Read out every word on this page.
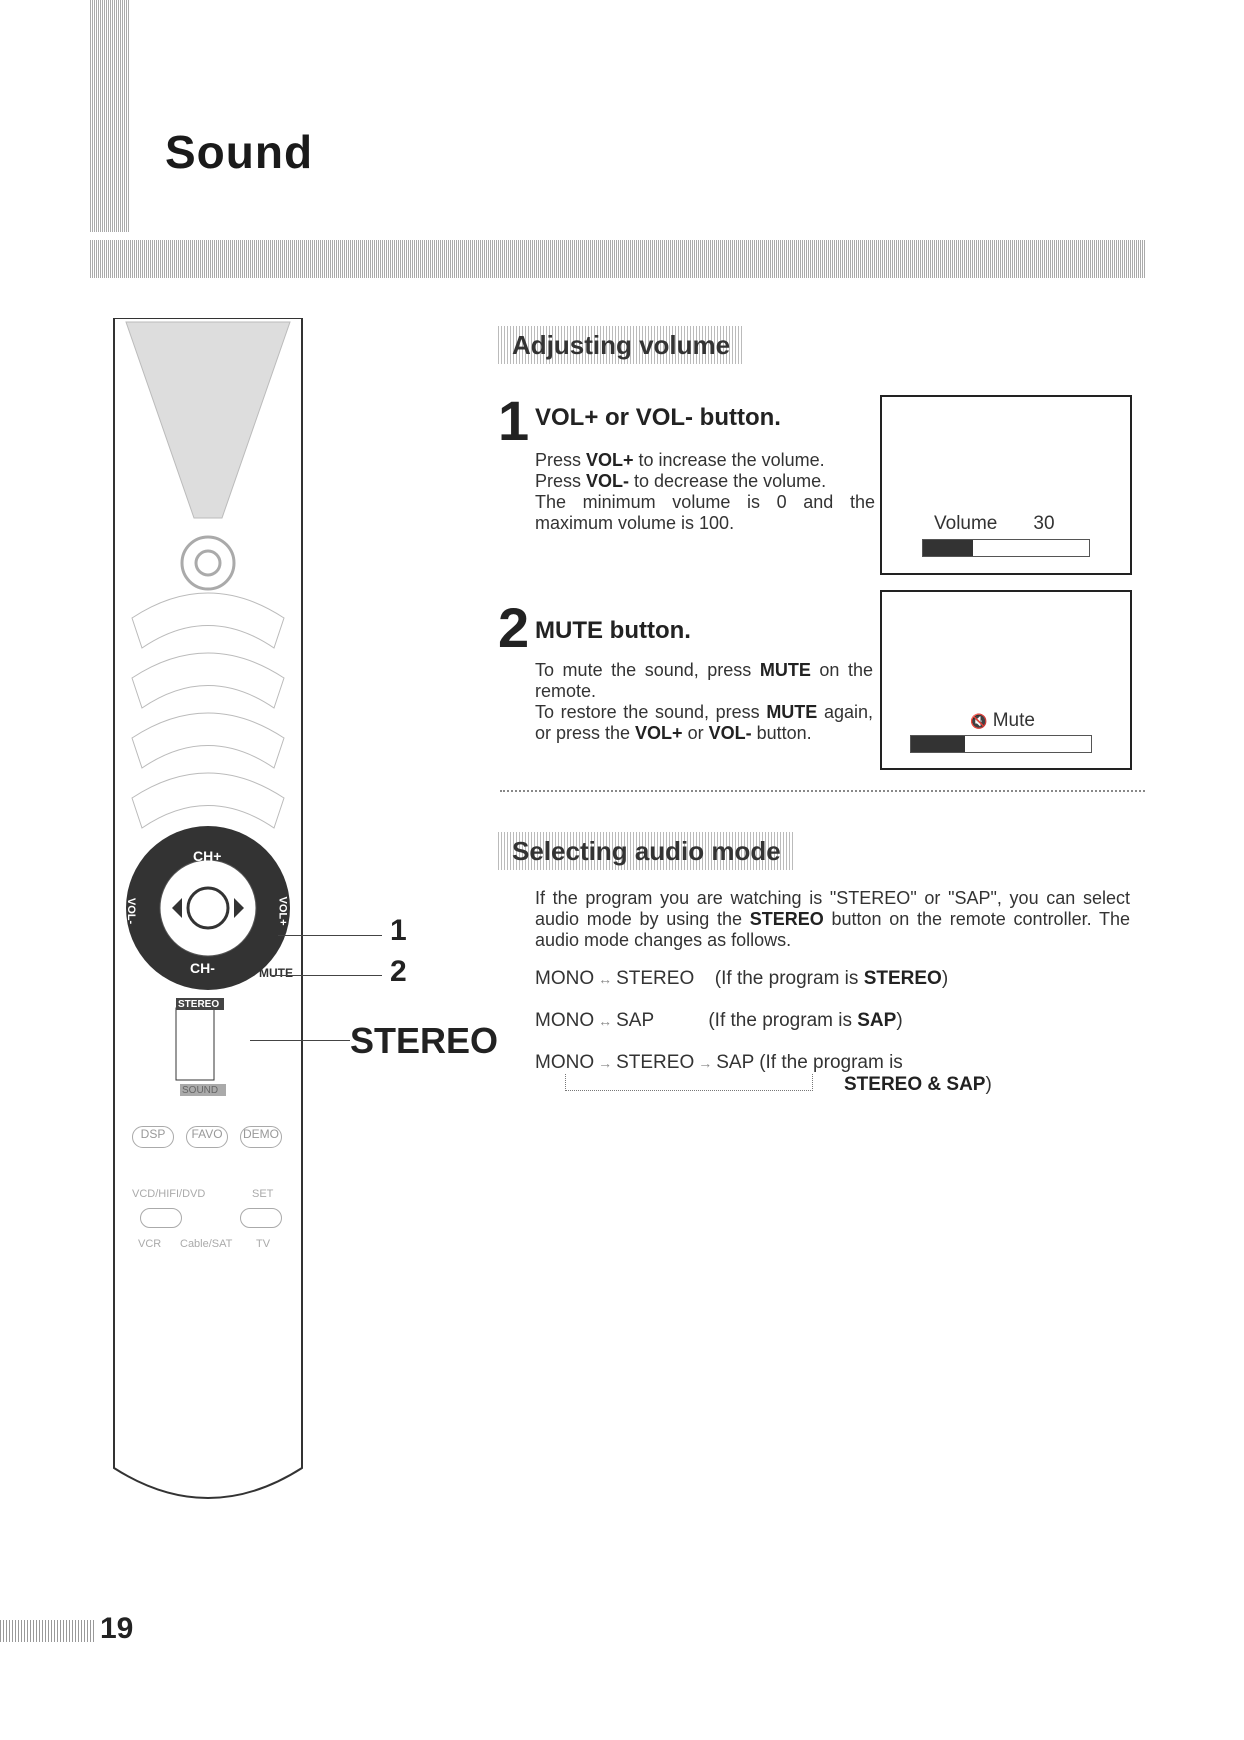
Sound
CH+
CH-
VOL-	VOL+
MUTE
STEREO
SOUND
DSP	FAVO	DEMO
VCD/HIFI/DVD	SET
VCR Cable/SAT TV
1
2
STEREO
Adjusting volume
1 VOL+ or VOL- button.
Press VOL+ to increase the volume.
Press VOL- to decrease the volume.
The minimum volume is 0 and the maximum volume is 100.	Volume 30
2 MUTE button.
To mute the sound, press MUTE on the remote.
To restore the sound, press MUTE again, or press the VOL+ or VOL- button.
🔇 Mute
Selecting audio mode
If the program you are watching is "STEREO" or "SAP", you can select audio mode by using the STEREO button on the remote controller. The audio mode changes as follows.
MONO ↔ STEREO (If the program is STEREO)
MONO ↔ SAP	(If the program is SAP)
MONO → STEREO → SAP (If the program is
STEREO & SAP)
19
